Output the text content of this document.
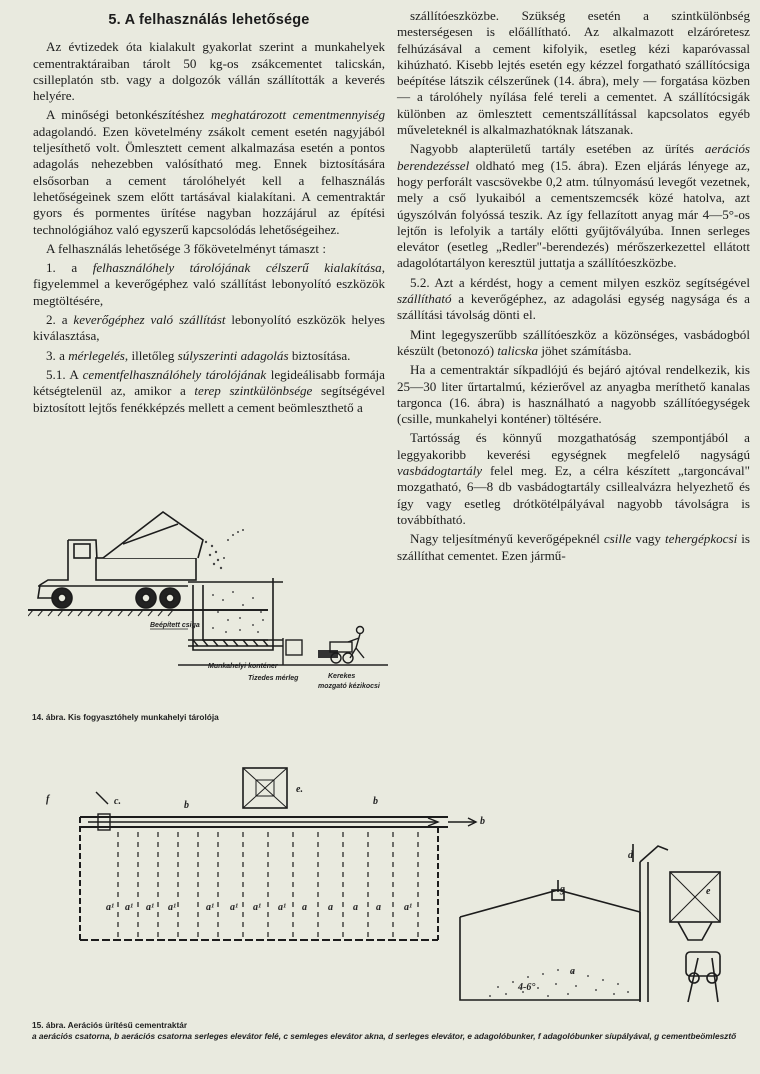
5. A felhasználás lehetősége

Az évtizedek óta kialakult gyakorlat szerint a munkahelyek cementraktáraiban tárolt 50 kg-os zsákcementet talicskán, csilleplatón stb. vagy a dolgozók vállán szállították a keverés helyére.

A minőségi betonkészítéshez meghatározott cementmennyiség adagolandó. Ezen követelmény zsákolt cement esetén nagyjából teljesíthető volt. Ömlesztett cement alkalmazása esetén a pontos adagolás nehezebben valósítható meg. Ennek biztosítására elsősorban a cement tárolóhelyét kell a felhasználás lehetőségeinek szem előtt tartásával kialakítani. A cementraktár gyors és pormentes ürítése nagyban hozzájárul az építési technológiához való egyszerű kapcsolódás lehetőségeihez.

A felhasználás lehetősége 3 főkövetelményt támaszt :

1. a felhasználóhely tárolójának célszerű kialakítása, figyelemmel a keverőgéphez való szállítást lebonyolító eszközök megtöltésére,

2. a keverőgéphez való szállítást lebonyolító eszközök helyes kiválasztása,

3. a mérlegelés, illetőleg súlyszerinti adagolás biztosítása.

5.1. A cementfelhasználóhely tárolójának legideálisabb formája kétségtelenül az, amikor a terep szintkülönbsége segítségével biztosított lejtős fenékképzés mellett a cement beömleszthető a

szállítóeszközbe. Szükség esetén a szintkülönbség mesterségesen is előállítható. Az alkalmazott elzáróretesz felhúzásával a cement kifolyik, esetleg kézi kaparóvassal kihúzható. Kisebb lejtés esetén egy kézzel forgatható szállítócsiga beépítése látszik célszerűnek (14. ábra), mely — forgatása közben — a tárolóhely nyílása felé tereli a cementet. A szállítócsigák különben az ömlesztett cementszállítással kapcsolatos egyéb műveleteknél is alkalmazhatóknak látszanak.

Nagyobb alapterületű tartály esetében az ürítés aerációs berendezéssel oldható meg (15. ábra). Ezen eljárás lényege az, hogy perforált vascsövekbe 0,2 atm. túlnyomású levegőt vezetnek, mely a cső lyukaiból a cementszemcsék közé hatolva, azt úgyszólván folyóssá teszik. Az így fellazított anyag már 4—5°-os lejtőn is lefolyik a tartály előtti gyűjtővályúba. Innen serleges elevátor (esetleg „Redler"-berendezés) mérőszerkezettel ellátott adagolótartályon keresztül juttatja a szállítóeszközbe.

5.2. Azt a kérdést, hogy a cement milyen eszköz segítségével szállítható a keverőgéphez, az adagolási egység nagysága és a szállítási távolság dönti el.

Mint legegyszerűbb szállítóeszköz a közönséges, vasbádogból készült (betonozó) talicska jöhet számításba.

Ha a cementraktár síkpadlójú és bejáró ajtóval rendelkezik, kis 25—30 liter űrtartalmú, kézierővel az anyagba meríthető kanalas targonca (16. ábra) is használható a nagyobb szállítóegységek (csille, munkahelyi konténer) töltésére.

Tartósság és könnyű mozgathatóság szempontjából a leggyakoribb keverési egységnek megfelelő nagyságú vasbádogtartály felel meg. Ez, a célra készített „targoncával" mozgatható, 6—8 db vasbádogtartály csillealvázra helyezhető és így vagy esetleg drótkötélpályával nagyobb távolságra is továbbítható.

Nagy teljesítményű keverőgépeknél csille vagy tehergépkocsi is szállíthat cementet. Ezen jármű-

Beépített csiga
Munkahelyi konténer
Tizedes mérleg	Kerekes
mozgató kézikocsi
14. ábra. Kis fogyasztóhely munkahelyi tárolója
f	c.	b	b
e.
b
a¹ a¹ a¹ a¹	a¹ a¹ a¹ a¹ a a a a a¹
g
d
e
a
4-6°
15. ábra. Aerációs ürítésű cementraktár
a aerációs csatorna, b aerációs csatorna serleges elevátor felé, c semleges elevátor akna, d serleges elevátor, e adagolóbunker, f adagolóbunker síupályával, g cementbeömlesztő
